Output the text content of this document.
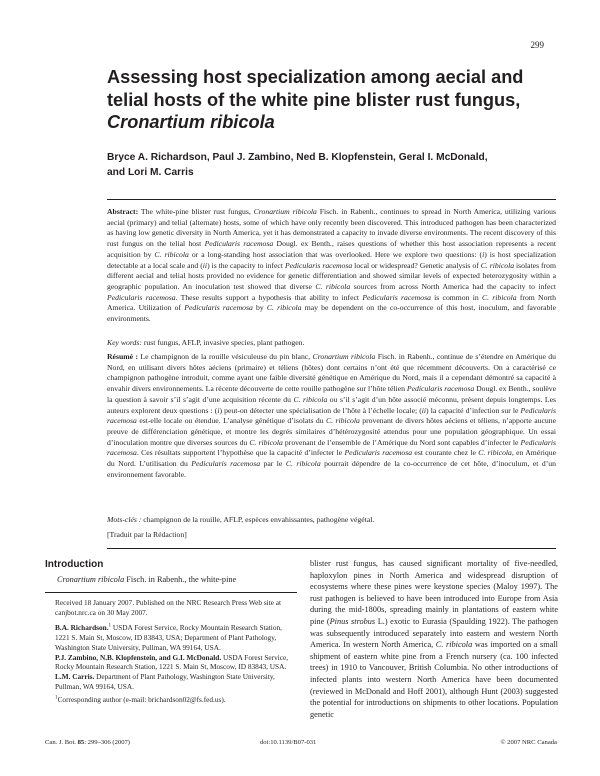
299
Assessing host specialization among aecial and
telial hosts of the white pine blister rust fungus,
Cronartium ribicola
Bryce A. Richardson, Paul J. Zambino, Ned B. Klopfenstein, Geral I. McDonald,
and Lori M. Carris

Abstract: The white-pine blister rust fungus, Cronartium ribicola Fisch. in Rabenh., continues to spread in North America, utilizing various aecial (primary) and telial (alternate) hosts, some of which have only recently been discovered. This introduced pathogen has been characterized as having low genetic diversity in North America, yet it has demonstrated a capacity to invade diverse environments. The recent discovery of this rust fungus on the telial host Pedicularis racemosa Dougl. ex Benth., raises questions of whether this host association represents a recent acquisition by C. ribicola or a long-standing host association that was overlooked. Here we explore two questions: (i) is host specialization detectable at a local scale and (ii) is the capacity to infect Pedicularis racemosa local or widespread? Genetic analysis of C. ribicola isolates from different aecial and telial hosts provided no evidence for genetic differentiation and showed similar levels of expected heterozygosity within a geographic population. An inoculation test showed that diverse C. ribicola sources from across North America had the capacity to infect Pedicularis racemosa. These results support a hypothesis that ability to infect Pedicularis racemosa is common in C. ribicola from North America. Utilization of Pedicularis racemosa by C. ribicola may be dependent on the co-occurrence of this host, inoculum, and favorable environments.

Key words: rust fungus, AFLP, invasive species, plant pathogen.

Résumé : Le champignon de la rouille vésiculeuse du pin blanc, Cronartium ribicola Fisch. in Rabenh., continue de s’étendre en Amérique du Nord, en utilisant divers hôtes aéciens (primaire) et téliens (hôtes) dont certains n’ont été que récemment découverts. On a caractérisé ce champignon pathogène introduit, comme ayant une faible diversité génétique en Amérique du Nord, mais il a cependant démontré sa capacité à envahir divers environnements. La récente découverte de cette rouille pathogène sur l’hôte télien Pedicularis racemosa Dougl. ex Benth., soulève la question à savoir s’il s’agit d’une acquisition récente du C. ribicola ou s’il s’agit d’un hôte associé méconnu, présent depuis longtemps. Les auteurs explorent deux questions : (i) peut-on détecter une spécialisation de l’hôte à l’échelle locale; (ii) la capacité d’infection sur le Pedicularis racemosa est-elle locale ou étendue. L’analyse génétique d’isolats du C. ribicola provenant de divers hôtes aéciens et téliens, n’apporte aucune preuve de différenciation génétique, et montre les degrés similaires d’hétérozygosité attendus pour une population géographique. Un essai d’inoculation montre que diverses sources du C. ribicola provenant de l’ensemble de l’Amérique du Nord sont capables d’infecter le Pedicularis racemosa. Ces résultats supportent l’hypothèse que la capacité d’infecter le Pedicularis racemosa est courante chez le C. ribicola, en Amérique du Nord. L’utilisation du Pedicularis racemosa par le C. ribicola pourrait dépendre de la co-occurrence de cet hôte, d’inoculum, et d’un environnement favorable.

Mots-clés : champignon de la rouille, AFLP, espèces envahissantes, pathogène végétal.

[Traduit par la Rédaction]

Introduction

Cronartium ribicola Fisch. in Rabenh., the white-pine

Received 18 January 2007. Published on the NRC Research Press Web site at canjbot.nrc.ca on 30 May 2007.

B.A. Richardson.$^1$ USDA Forest Service, Rocky Mountain Research Station, 1221 S. Main St, Moscow, ID 83843, USA; Department of Plant Pathology, Washington State University, Pullman, WA 99164, USA.

P.J. Zambino, N.B. Klopfenstein, and G.I. McDonald. USDA Forest Service, Rocky Mountain Research Station, 1221 S. Main St, Moscow, ID 83843, USA.

L.M. Carris. Department of Plant Pathology, Washington State University, Pullman, WA 99164, USA.

$^1$Corresponding author (e-mail: brichardson02@fs.fed.us).

blister rust fungus, has caused significant mortality of five-needled, haploxylon pines in North America and widespread disruption of ecosystems where these pines were keystone species (Maloy 1997). The rust pathogen is believed to have been introduced into Europe from Asia during the mid-1800s, spreading mainly in plantations of eastern white pine (Pinus strobus L.) exotic to Eurasia (Spaulding 1922). The pathogen was subsequently introduced separately into eastern and western North America. In western North America, C. ribicola was imported on a small shipment of eastern white pine from a French nursery (ca. 100 infected trees) in 1910 to Vancouver, British Columbia. No other introductions of infected plants into western North America have been documented (reviewed in McDonald and Hoff 2001), although Hunt (2003) suggested the potential for introductions on shipments to other locations. Population genetic

Can. J. Bot. 85: 299–306 (2007)	doi:10.1139/B07-031	© 2007 NRC Canada
